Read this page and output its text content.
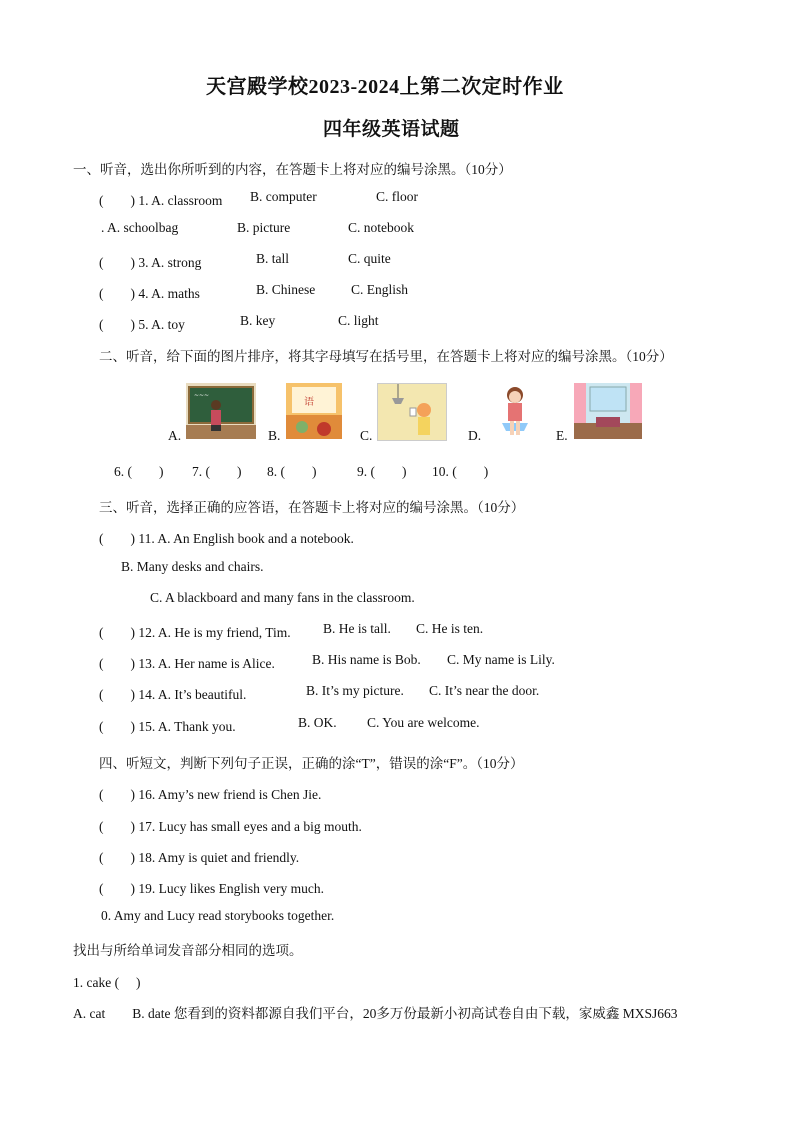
天宫殿学校2023-2024上第二次定时作业
四年级英语试题
一、听音，选出你所听到的内容，在答题卡上将对应的编号涂黑。（10分）
(　　) 1. A. classroom B. computer	C. floor
. A. schoolbag	B. picture	C. notebook
(　　) 3. A. strong	B. tall	C. quite
(　　) 4. A. maths	B. Chinese	C. English
(　　) 5. A. toy	B. key	C. light
二、听音，给下面的图片排序，将其字母填写在括号里，在答题卡上将对应的编号涂黑。（10分）
A.
~~~
B.
语
C.	D.	E.
6. (　　) 7. (　　) 8. (　　)	9. (　　) 10. (　　)
三、听音，选择正确的应答语，在答题卡上将对应的编号涂黑。（10分）
(　　) 11. A. An English book and a notebook.
B. Many desks and chairs.
C. A blackboard and many fans in the classroom.
(　　) 12. A. He is my friend, Tim. B. He is tall. C. He is ten.
(　　) 13. A. Her name is Alice.	B. His name is Bob. C. My name is Lily.
(　　) 14. A. It’s beautiful.	B. It’s my picture. C. It’s near the door.
(　　) 15. A. Thank you.	B. OK. C. You are welcome.
四、听短文，判断下列句子正误，正确的涂“T”，错误的涂“F”。（10分）
(　　) 16. Amy’s new friend is Chen Jie.
(　　) 17. Lucy has small eyes and a big mouth.
(　　) 18. Amy is quiet and friendly.
(　　) 19. Lucy likes English very much.
0. Amy and Lucy read storybooks together.
找出与所给单词发音部分相同的选项。
1. cake (　 )
A. cat　　B. date 您看到的资料都源自我们平台，20多万份最新小初高试卷自由下载，家威鑫 MXSJ663
